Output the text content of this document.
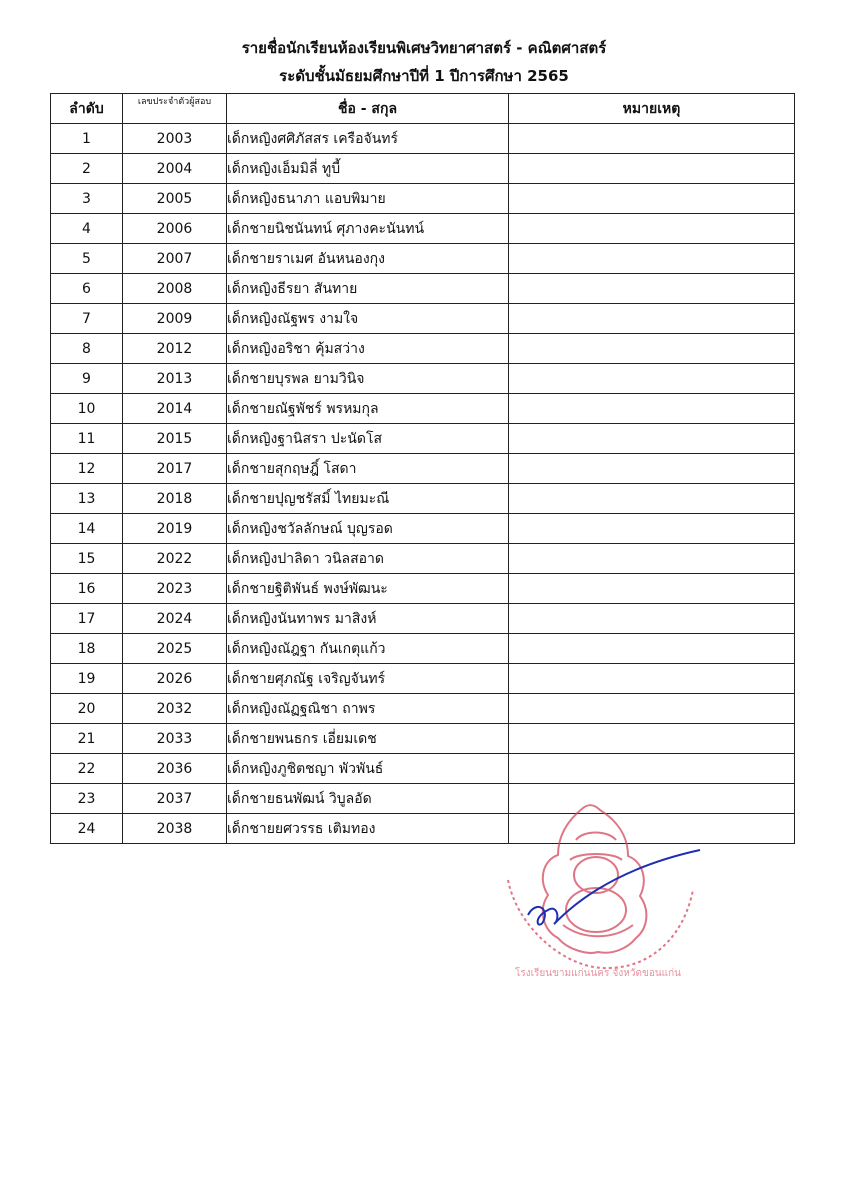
รายชื่อนักเรียนห้องเรียนพิเศษวิทยาศาสตร์ - คณิตศาสตร์
ระดับชั้นมัธยมศึกษาปีที่ 1 ปีการศึกษา 2565
ลำดับ	เลขประจำตัวผู้สอบ	ชื่อ - สกุล	หมายเหตุ
1	2003	เด็กหญิงศศิภัสสร เครือจันทร์	
2	2004	เด็กหญิงเอ็มมิลี่ ทูบี้	
3	2005	เด็กหญิงธนาภา แอบพิมาย	
4	2006	เด็กชายนิชนันทน์ ศุภางคะนันทน์	
5	2007	เด็กชายราเมศ อันหนองกุง	
6	2008	เด็กหญิงธีรยา สันทาย	
7	2009	เด็กหญิงณัฐพร งามใจ	
8	2012	เด็กหญิงอริชา คุ้มสว่าง	
9	2013	เด็กชายบุรพล ยามวินิจ	
10	2014	เด็กชายณัฐพัชร์ พรหมกุล	
11	2015	เด็กหญิงฐานิสรา ปะนัดโส	
12	2017	เด็กชายสุกฤษฎิ์ โสดา	
13	2018	เด็กชายปุญชรัสมิ์ ไทยมะณี	
14	2019	เด็กหญิงชวัลลักษณ์ บุญรอด	
15	2022	เด็กหญิงปาลิดา วนิลสอาด	
16	2023	เด็กชายฐิติพันธ์ พงษ์พัฒนะ	
17	2024	เด็กหญิงนันทาพร มาสิงห์	
18	2025	เด็กหญิงณัฎฐา กันเกตุแก้ว	
19	2026	เด็กชายศุภณัฐ เจริญจันทร์	
20	2032	เด็กหญิงณัฏฐณิชา ถาพร	
21	2033	เด็กชายพนธกร เอี่ยมเดช	
22	2036	เด็กหญิงภูชิตชญา พัวพันธ์	
23	2037	เด็กชายธนพัฒน์ วิบูลอัด	
24	2038	เด็กชายยศวรรธ เติมทอง	
โรงเรียนขามแก่นนคร จังหวัดขอนแก่น
